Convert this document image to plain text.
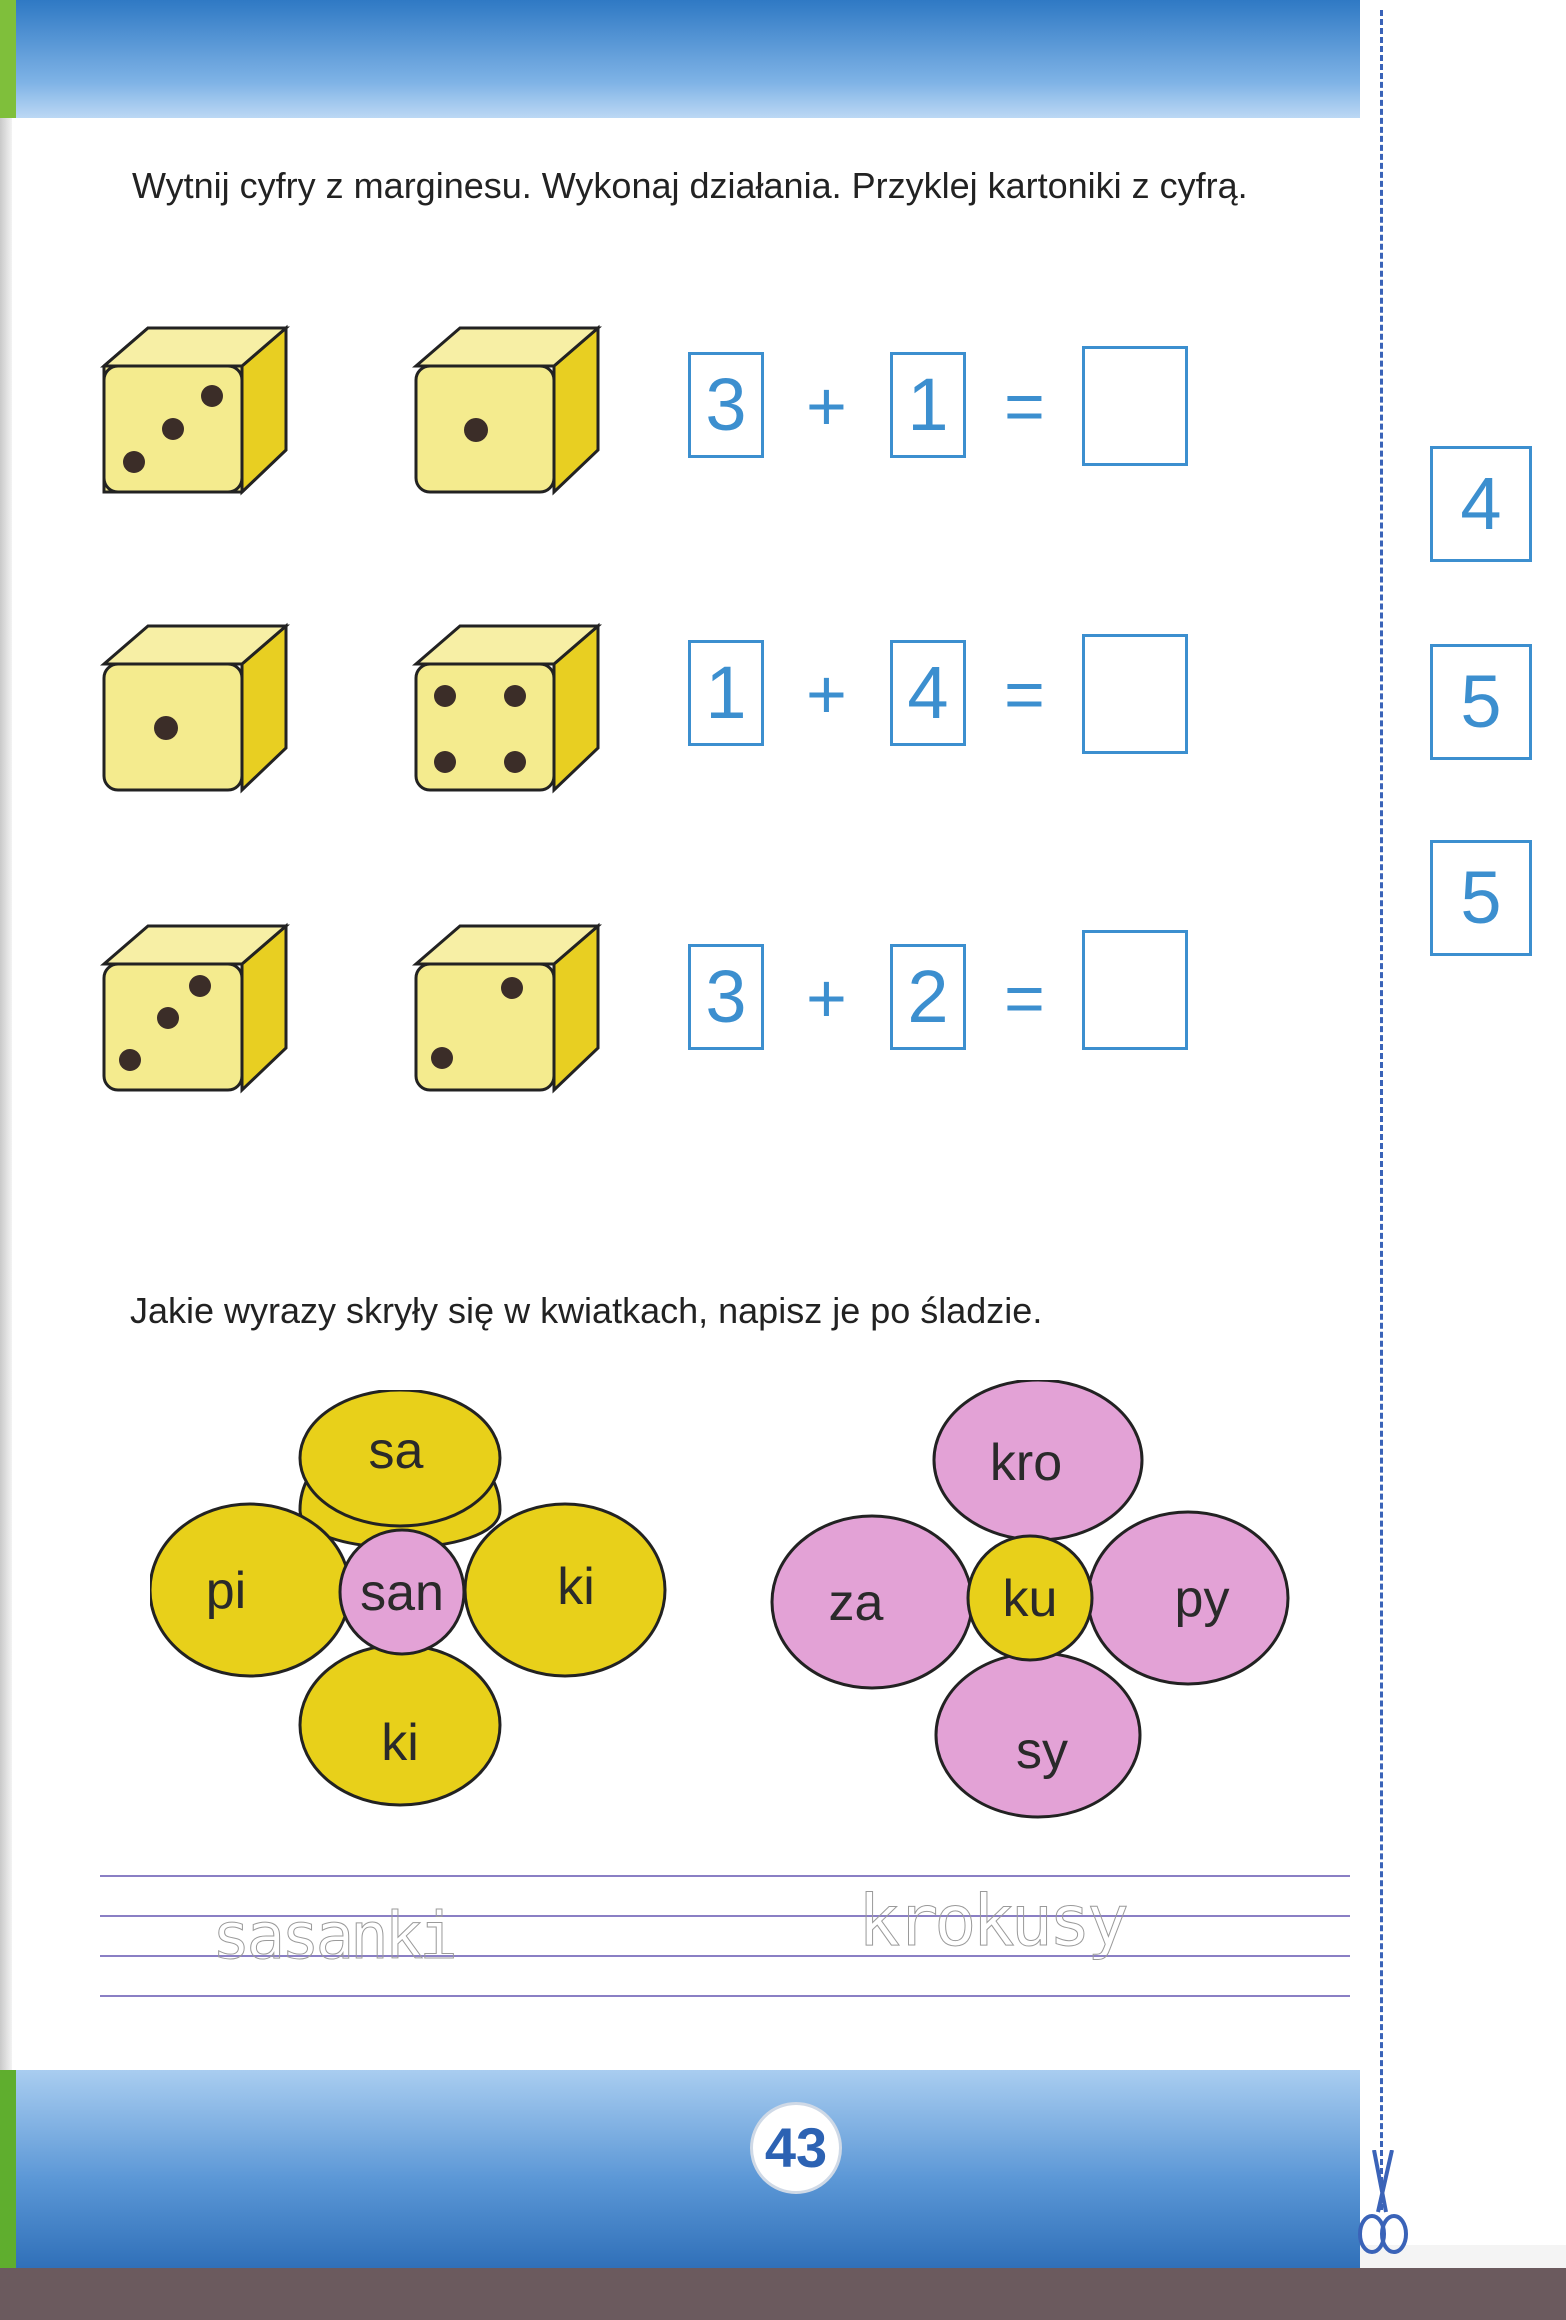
Wytnij cyfry z marginesu. Wykonaj działania. Przyklej kartoniki z cyfrą.
Jakie wyrazy skryły się w kwiatkach, napisz je po śladzie.
3 + 1 =
1 + 4 =
3 + 2 =
4
5
5
sa
pi	ki
ki
san
kro
za	py
sy
ku
sasanki	krokusy
43
